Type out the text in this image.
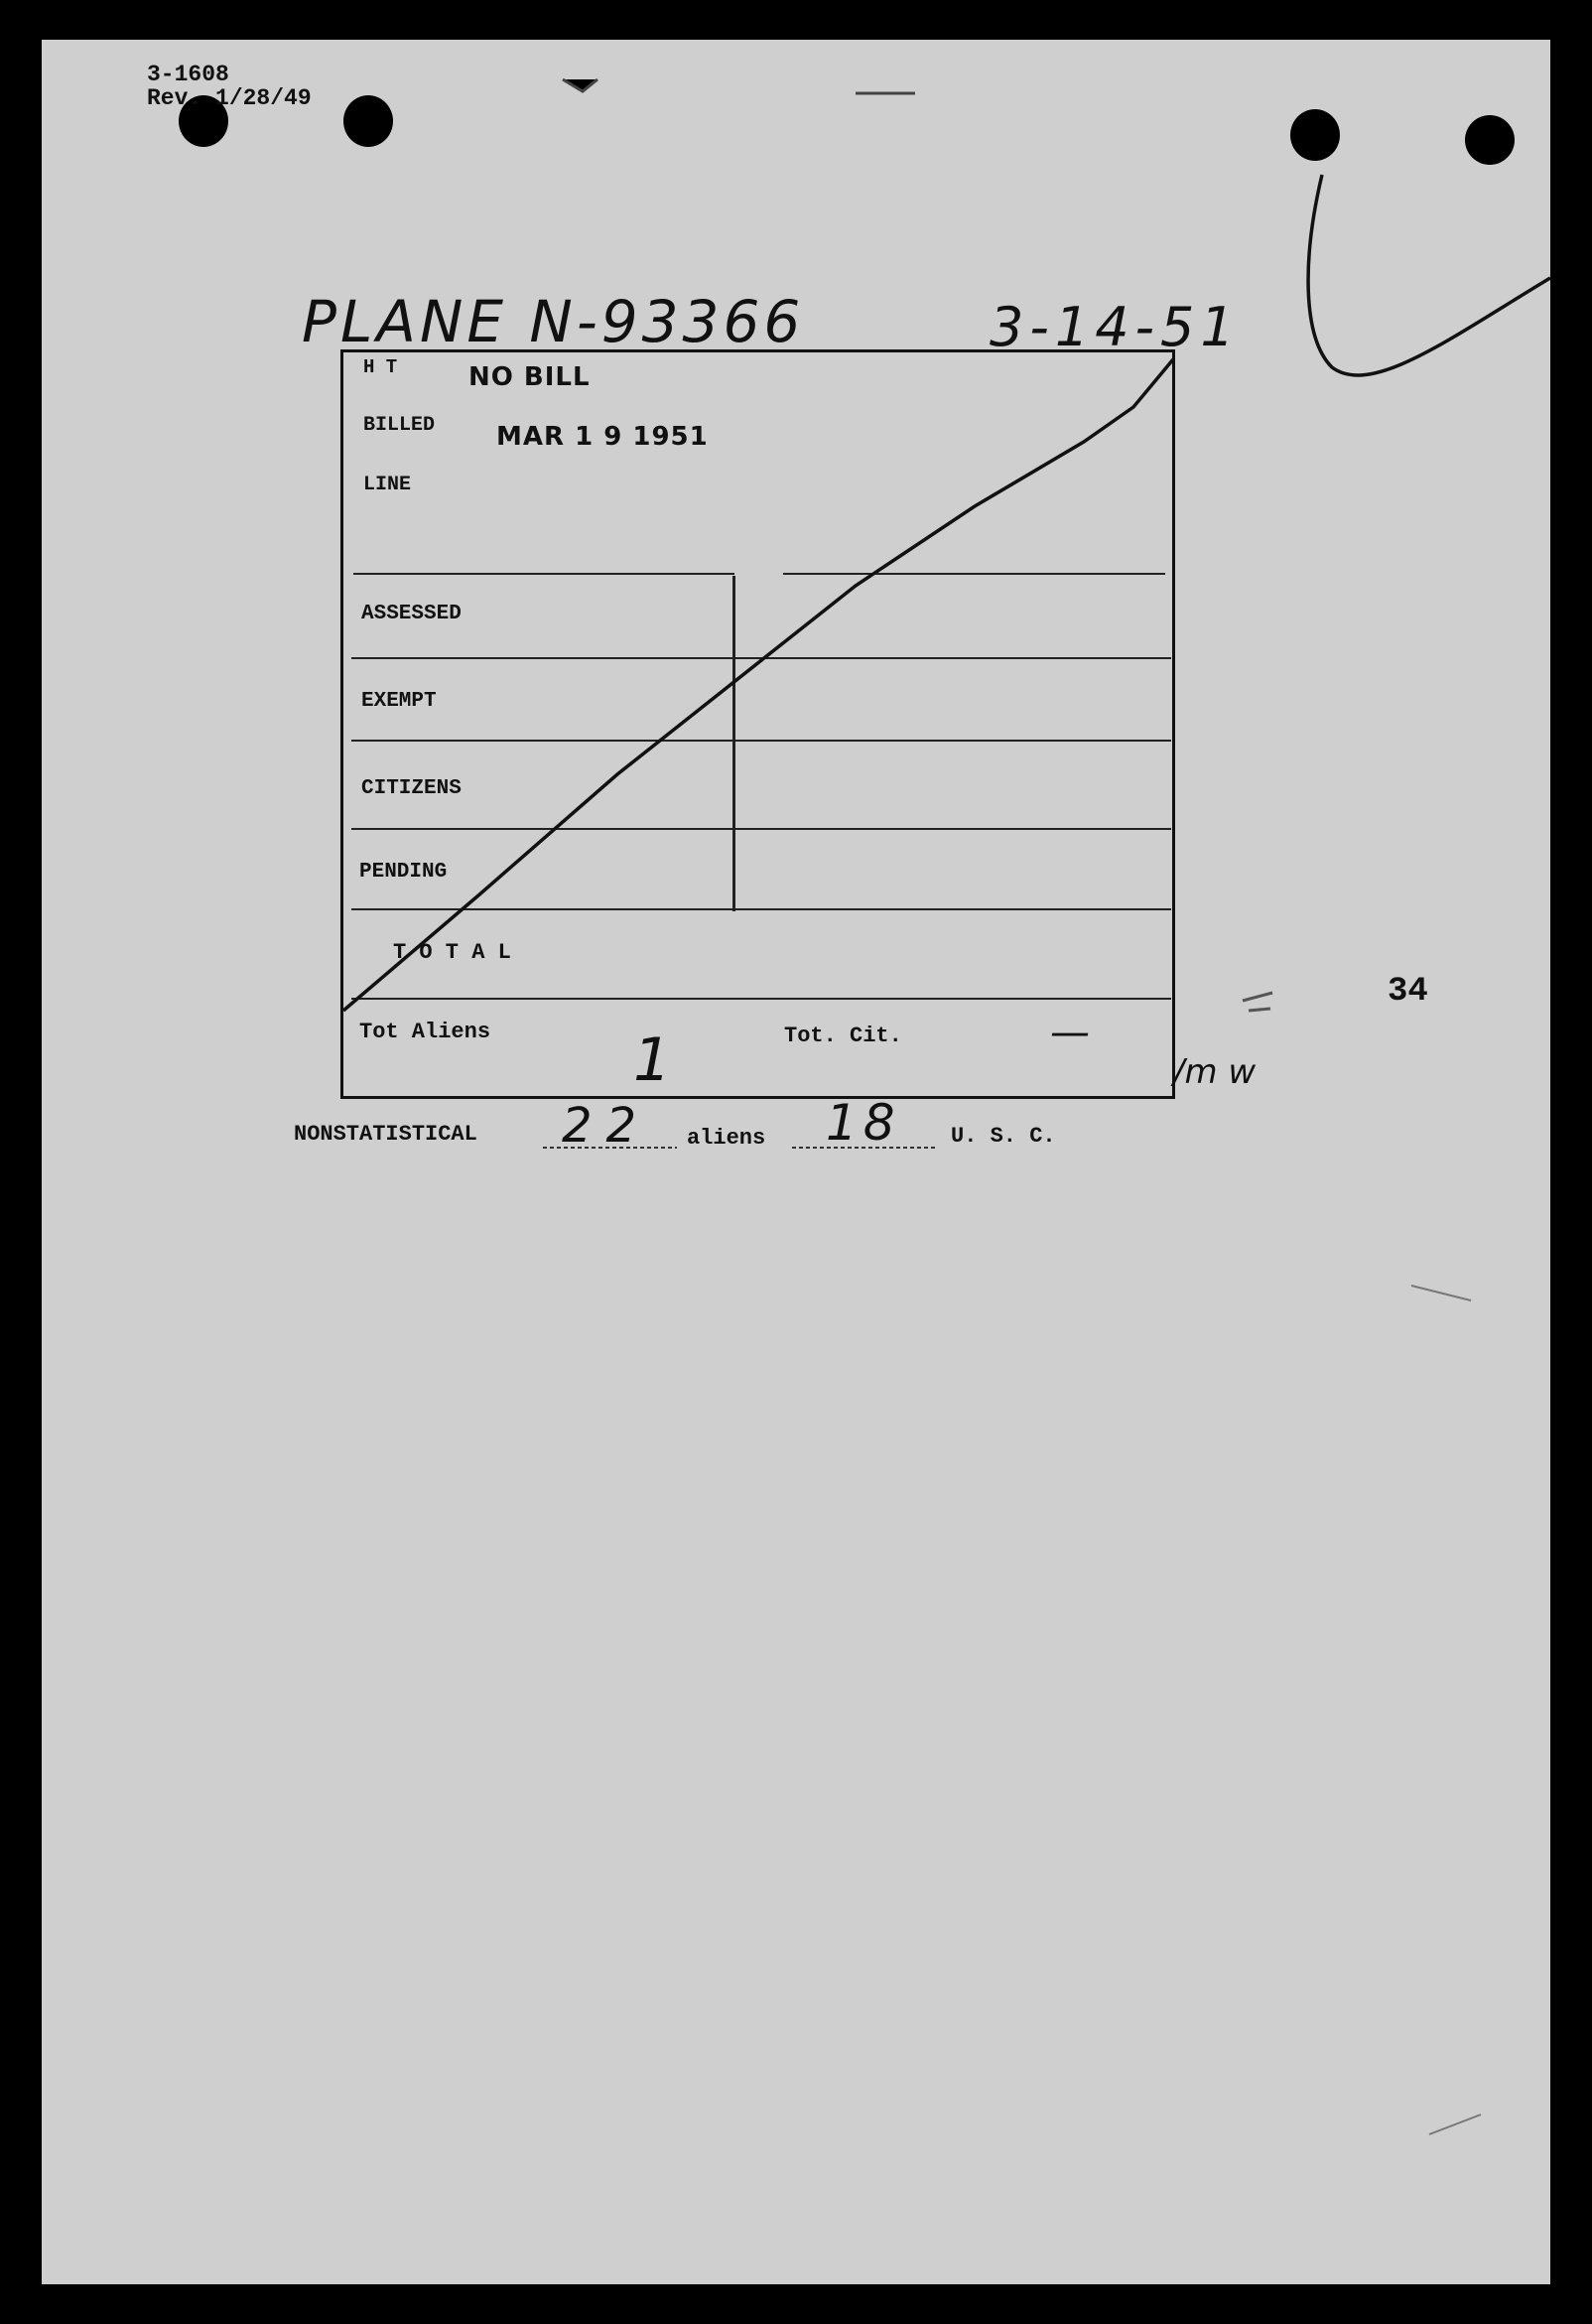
3-1608
Rev. 1/28/49
PLANE N-93366	3-14-51
H T	NO BILL
BILLED MAR 1 9 1951
LINE
ASSESSED
EXEMPT
CITIZENS
PENDING
T O T A L
Tot Aliens 1	Tot. Cit.	—
34
/m w
NONSTATISTICAL 22 aliens 18 U. S. C.
